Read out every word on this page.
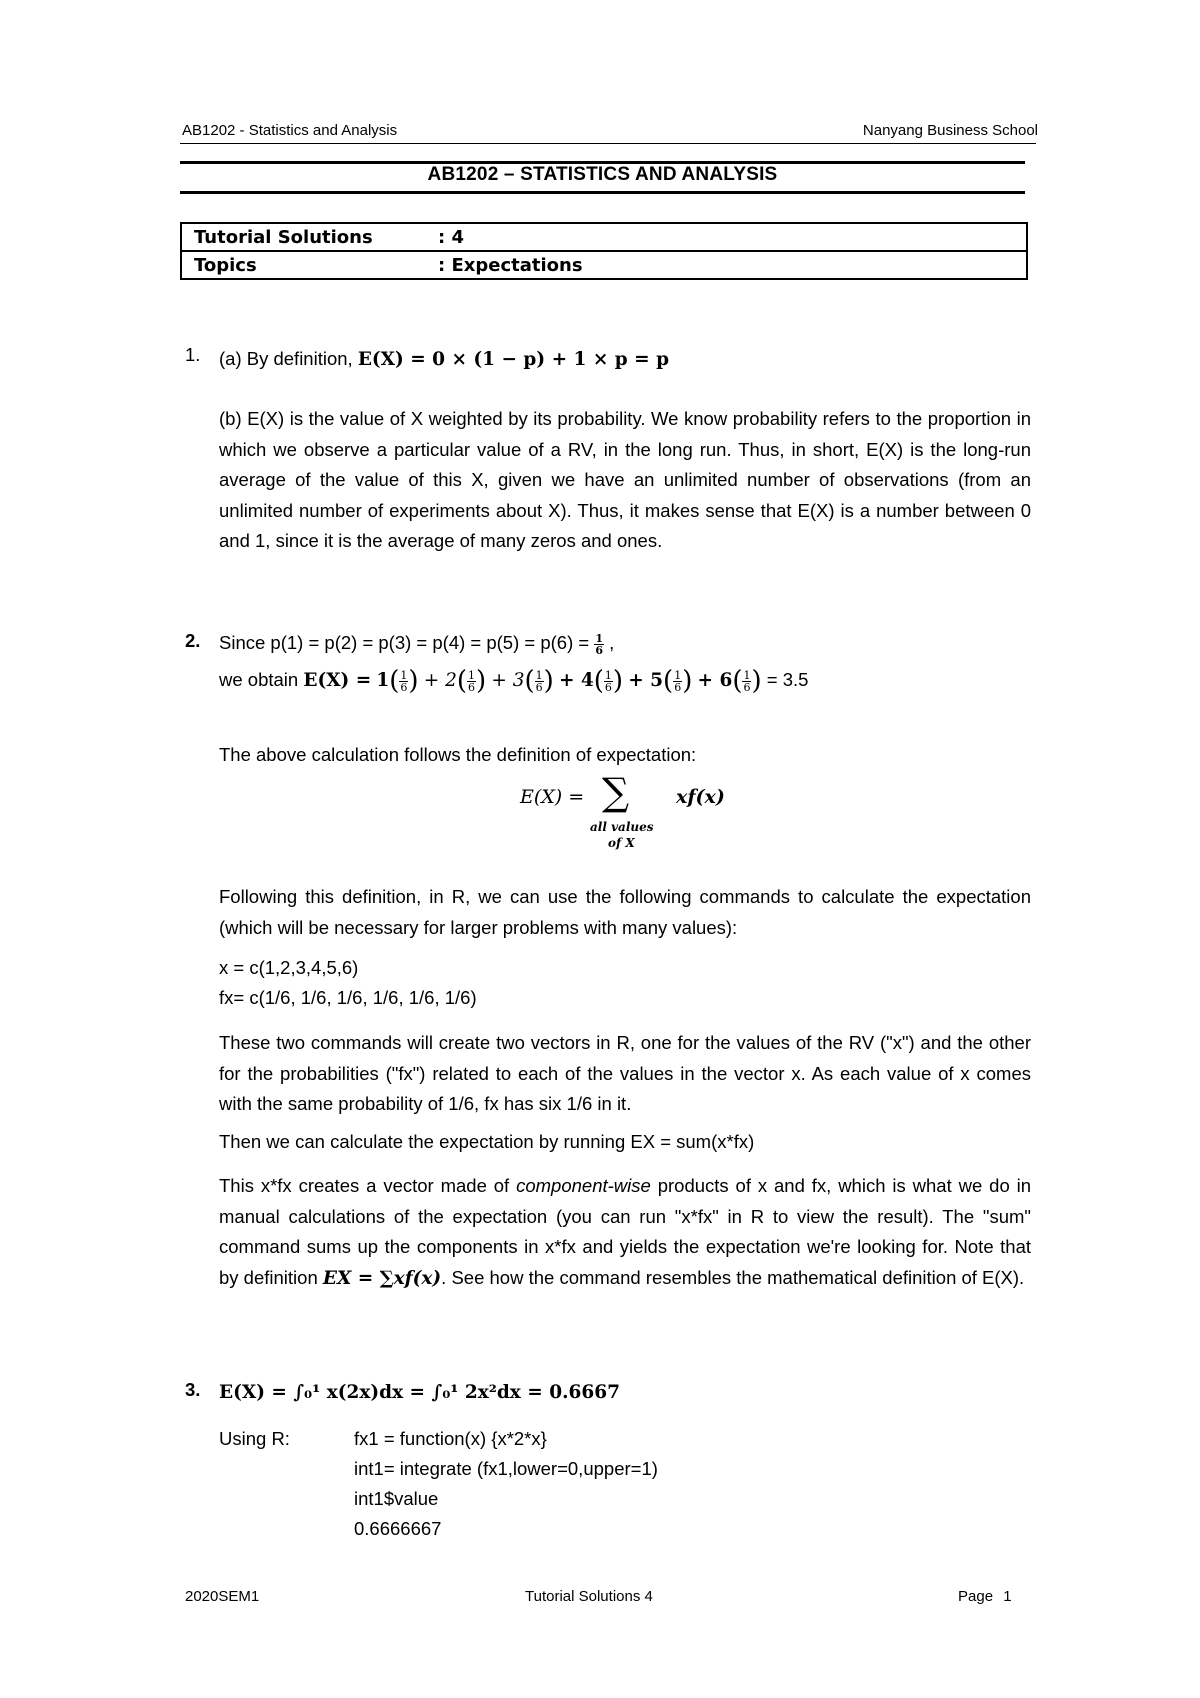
AB1202 - Statistics and Analysis	Nanyang Business School
AB1202 – STATISTICS AND ANALYSIS
Tutorial Solutions	: 4
Topics	: Expectations
1. (a) By definition, E(X) = 0 × (1 − p) + 1 × p = p
(b) E(X) is the value of X weighted by its probability. We know probability refers to the proportion in which we observe a particular value of a RV, in the long run. Thus, in short, E(X) is the long-run average of the value of this X, given we have an unlimited number of observations (from an unlimited number of experiments about X). Thus, it makes sense that E(X) is a number between 0 and 1, since it is the average of many zeros and ones.
2. Since $p(1) = p(2) = p(3) = p(4) = p(5) = p(6) = \frac{1}{6}$ ,
we obtain $E(X) = 1( \frac{1}{6}$ ) + $2( \frac{1}{6}$ ) + $3( \frac{1}{6}$ ) + $4( \frac{1}{6}$ ) + $5( \frac{1}{6}$ ) + $6( \frac{1}{6}$ ) = 3.5
The above calculation follows the definition of expectation:
E(X) = ∑
all values
of X
xf(x)
Following this definition, in R, we can use the following commands to calculate the expectation (which will be necessary for larger problems with many values):
x = c(1,2,3,4,5,6)
fx= c(1/6, 1/6, 1/6, 1/6, 1/6, 1/6)
These two commands will create two vectors in R, one for the values of the RV ("x") and the other for the probabilities ("fx") related to each of the values in the vector x. As each value of x comes with the same probability of 1/6, fx has six 1/6 in it.
Then we can calculate the expectation by running EX = sum(x*fx)
This x*fx creates a vector made of component-wise products of x and fx, which is what we do in manual calculations of the expectation (you can run "x*fx" in R to view the result). The "sum" command sums up the components in x*fx and yields the expectation we're looking for. Note that by definition EX = ∑xf(x). See how the command resembles the mathematical definition of E(X).
3. E(X) = ∫₀¹ x(2x)dx = ∫₀¹ 2x²dx = 0.6667
Using R:	fx1 = function(x) {x*2*x}
int1= integrate (fx1,lower=0,upper=1)
int1$value
0.6666667
2020SEM1	Tutorial Solutions 4	Page 1
